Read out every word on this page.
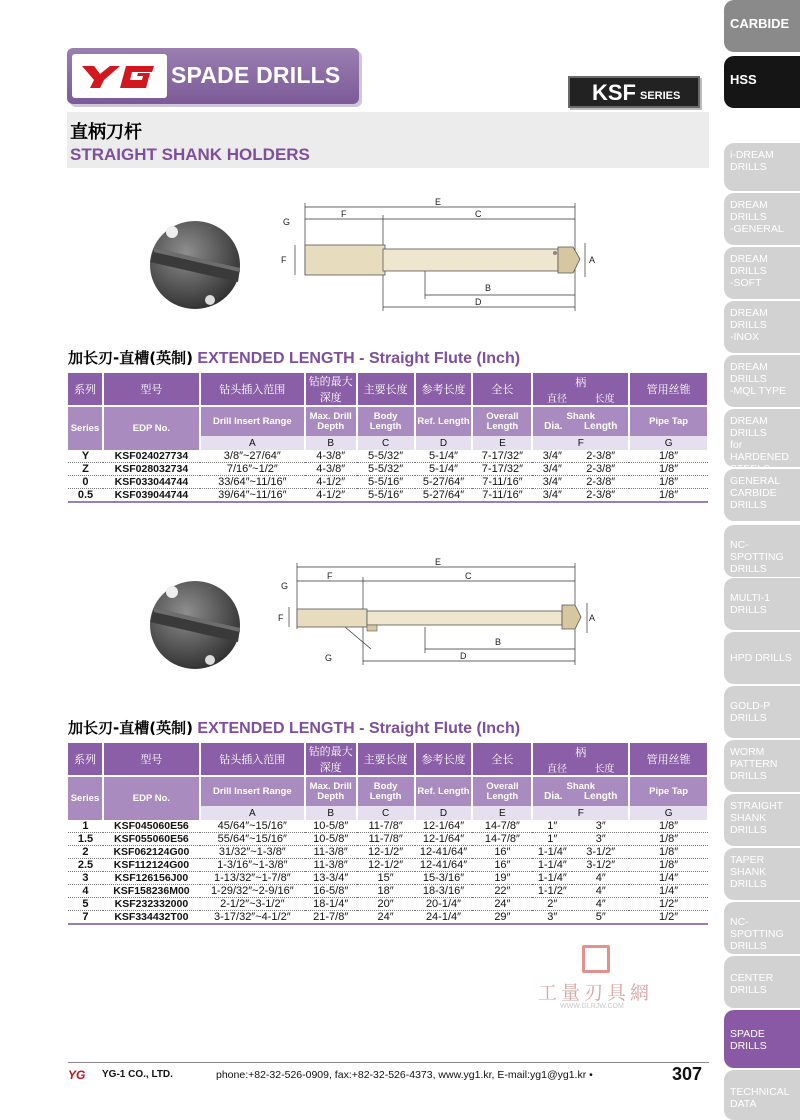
CARBIDE
HSS
i-DREAM
DRILLS
DREAM
DRILLS
-GENERAL
DREAM
DRILLS
-SOFT
DREAM
DRILLS
-INOX
DREAM
DRILLS
-MQL TYPE
DREAM
DRILLS
for HARDENED

GENERAL
CARBIDE
DRILLS
NC-SPOTTING
DRILLS
MULTI-1
DRILLS
HPD DRILLS
GOLD-P
DRILLS
WORM
PATTERN
DRILLS
STRAIGHT
SHANK
DRILLS
TAPER
SHANK
DRILLS
NC-SPOTTING
DRILLS
CENTER
DRILLS
SPADE
DRILLS
TECHNICAL
DATA
SPADE DRILLS
KSF SERIES
直柄刀杆
STRAIGHT SHANK HOLDERS
E
F	C
G
F	A
B
D
加长刃-直槽(英制) EXTENDED LENGTH - Straight Flute (Inch)
系列	型号	钻头插入范围	钻的最大深度	主要长度	参考长度	全长	柄
直径 长度		管用丝锥
Series	EDP No.	Drill Insert Range	Max. Drill Depth	Body Length	Ref. Length	Overall Length	Shank
Dia. Length		Pipe Tap
		A	B	C	D	E	F		G
Y	KSF024027734	3/8″~27/64″	4-3/8″	5-5/32″	5-1/4″	7-17/32″	3/4″	2-3/8″	1/8″
Z	KSF028032734	7/16″~1/2″	4-3/8″	5-5/32″	5-1/4″	7-17/32″	3/4″	2-3/8″	1/8″
0	KSF033044744	33/64″~11/16″	4-1/2″	5-5/16″	5-27/64″	7-11/16″	3/4″	2-3/8″	1/8″
0.5	KSF039044744	39/64″~11/16″	4-1/2″	5-5/16″	5-27/64″	7-11/16″	3/4″	2-3/8″	1/8″
E
F	C
G
F	A
B
D
G
加长刃-直槽(英制) EXTENDED LENGTH - Straight Flute (Inch)
系列	型号	钻头插入范围	钻的最大深度	主要长度	参考长度	全长	柄
直径 长度		管用丝锥
Series	EDP No.	Drill Insert Range	Max. Drill Depth	Body Length	Ref. Length	Overall Length	Shank
Dia. Length		Pipe Tap
		A	B	C	D	E	F		G
1	KSF045060E56	45/64″~15/16″	10-5/8″	11-7/8″	12-1/64″	14-7/8″	1″	3″	1/8″
1.5	KSF055060E56	55/64″~15/16″	10-5/8″	11-7/8″	12-1/64″	14-7/8″	1″	3″	1/8″
2	KSF062124G00	31/32″~1-3/8″	11-3/8″	12-1/2″	12-41/64″	16″	1-1/4″	3-1/2″	1/8″
2.5	KSF112124G00	1-3/16″~1-3/8″	11-3/8″	12-1/2″	12-41/64″	16″	1-1/4″	3-1/2″	1/8″
3	KSF126156J00	1-13/32″~1-7/8″	13-3/4″	15″	15-3/16″	19″	1-1/4″	4″	1/4″
4	KSF158236M00	1-29/32″~2-9/16″	16-5/8″	18″	18-3/16″	22″	1-1/2″	4″	1/4″
5	KSF232332000	2-1/2″~3-1/2″	18-1/4″	20″	20-1/4″	24″	2″	4″	1/2″
7	KSF334432T00	3-17/32″~4-1/2″	21-7/8″	24″	24-1/4″	29″	3″	5″	1/2″
工量刃具網
WWW.GLRJW.COM
YG YG-1 CO., LTD.	phone:+82-32-526-0909, fax:+82-32-526-4373, www.yg1.kr, E-mail:yg1@yg1.kr •	307
